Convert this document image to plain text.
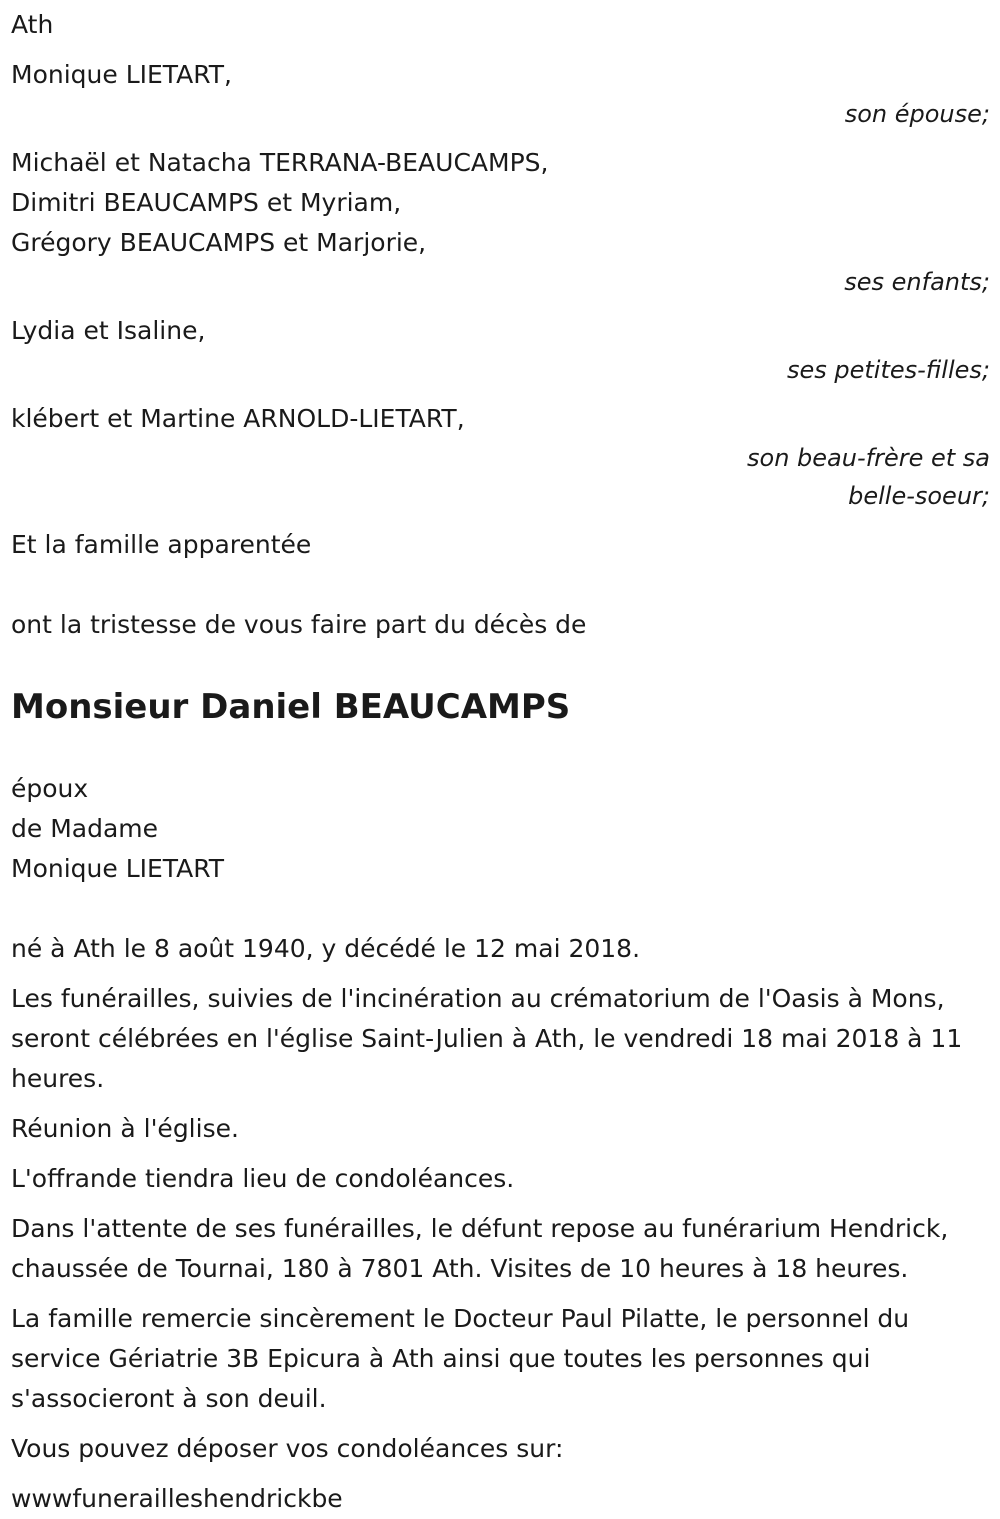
Ath
Monique LIETART,
son épouse;
Michaël et Natacha TERRANA-BEAUCAMPS,
Dimitri BEAUCAMPS et Myriam,
Grégory BEAUCAMPS et Marjorie,
ses enfants;
Lydia et Isaline,
ses petites-filles;
klébert et Martine ARNOLD-LIETART,
son beau-frère et sa
belle-soeur;
Et la famille apparentée
ont la tristesse de vous faire part du décès de
Monsieur Daniel BEAUCAMPS
époux
de Madame
Monique LIETART
né à Ath le 8 août 1940, y décédé le 12 mai 2018.
Les funérailles, suivies de l'incinération au crématorium de l'Oasis à Mons, seront célébrées en l'église Saint-Julien à Ath, le vendredi 18 mai 2018 à 11 heures.
Réunion à l'église.
L'offrande tiendra lieu de condoléances.
Dans l'attente de ses funérailles, le défunt repose au funérarium Hendrick, chaussée de Tournai, 180 à 7801 Ath. Visites de 10 heures à 18 heures.
La famille remercie sincèrement le Docteur Paul Pilatte, le personnel du service Gériatrie 3B Epicura à Ath ainsi que toutes les personnes qui s'associeront à son deuil.
Vous pouvez déposer vos condoléances sur:
wwwfunerailleshendrickbe
